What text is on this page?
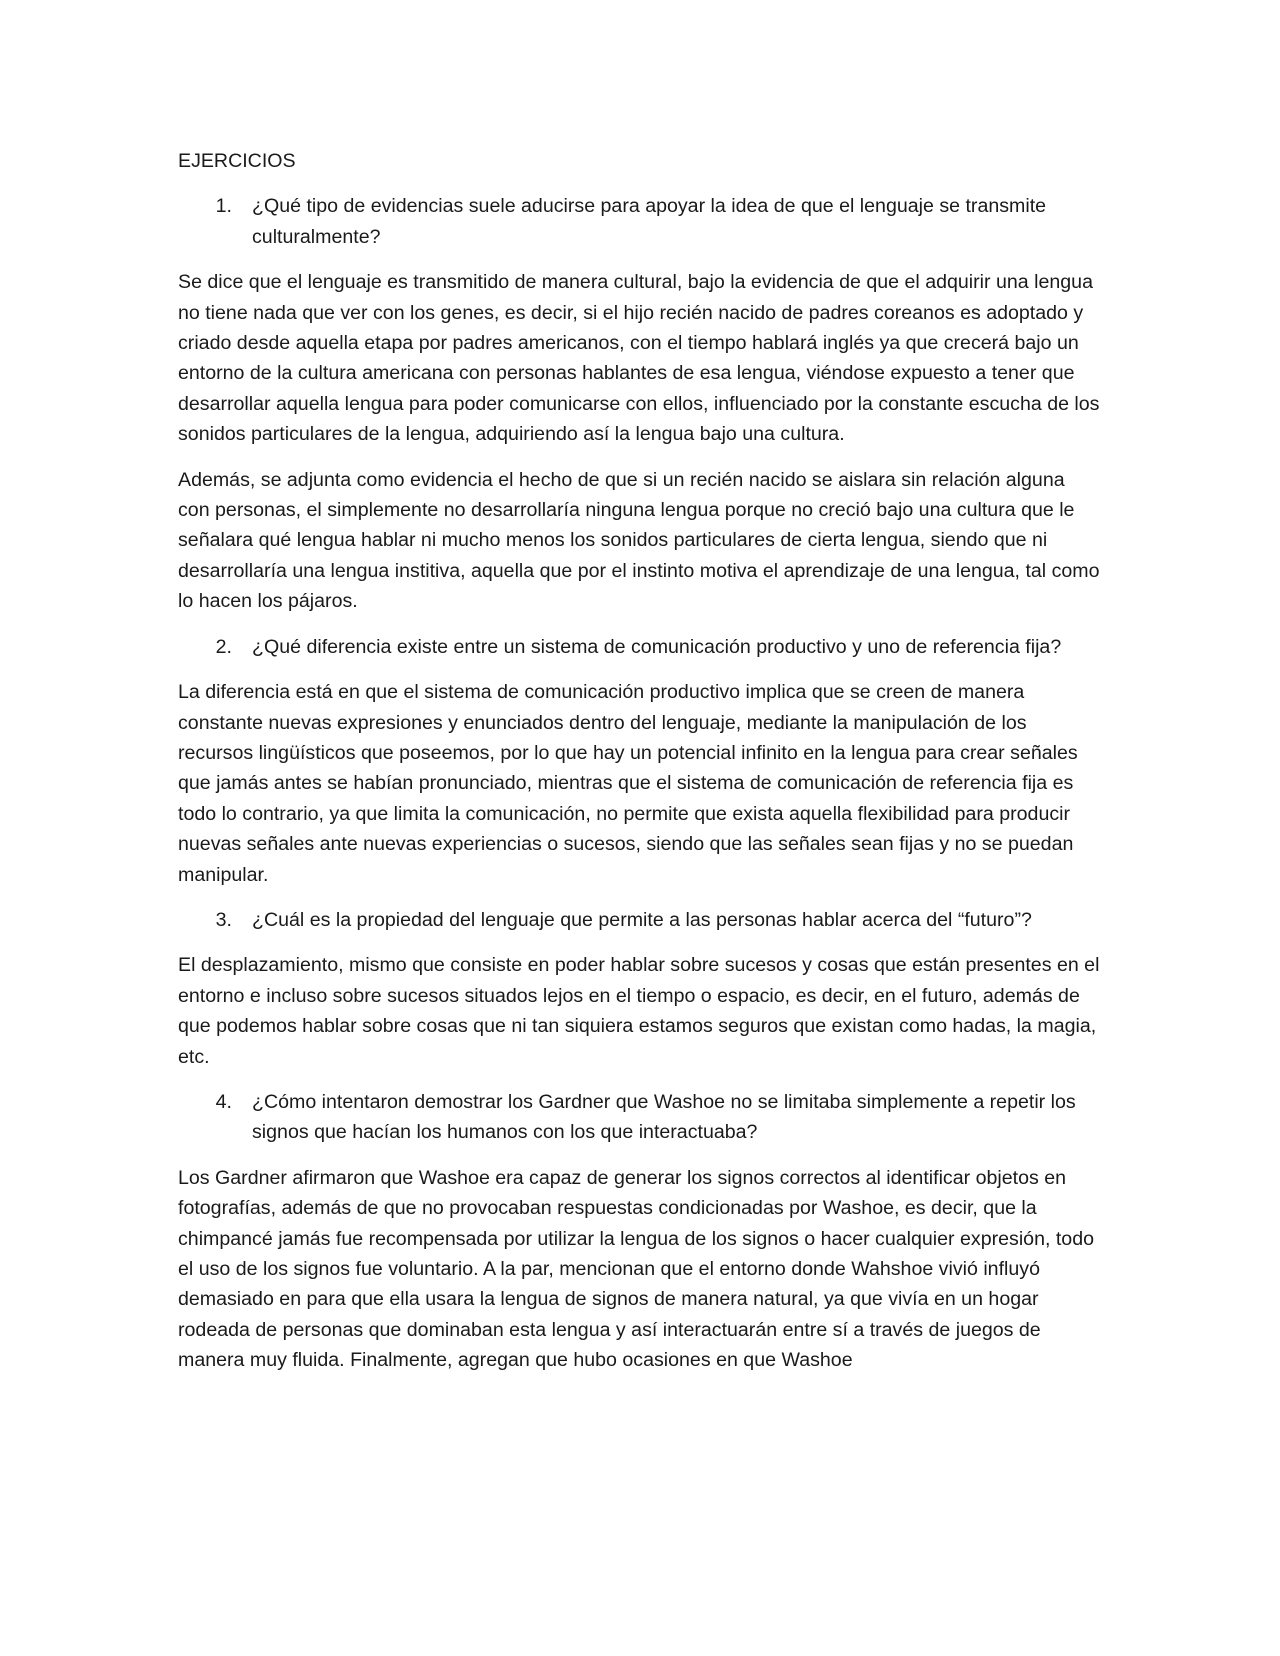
EJERCICIOS

1.	¿Qué tipo de evidencias suele aducirse para apoyar la idea de que el lenguaje se transmite culturalmente?

Se dice que el lenguaje es transmitido de manera cultural, bajo la evidencia de que el adquirir una lengua no tiene nada que ver con los genes, es decir, si el hijo recién nacido de padres coreanos es adoptado y criado desde aquella etapa por padres americanos, con el tiempo hablará inglés ya que crecerá bajo un entorno de la cultura americana con personas hablantes de esa lengua, viéndose expuesto a tener que desarrollar aquella lengua para poder comunicarse con ellos, influenciado por la constante escucha de los sonidos particulares de la lengua, adquiriendo así la lengua bajo una cultura.

Además, se adjunta como evidencia el hecho de que si un recién nacido se aislara sin relación alguna con personas, el simplemente no desarrollaría ninguna lengua porque no creció bajo una cultura que le señalara qué lengua hablar ni mucho menos los sonidos particulares de cierta lengua, siendo que ni desarrollaría una lengua institiva, aquella que por el instinto motiva el aprendizaje de una lengua, tal como lo hacen los pájaros.

2.	¿Qué diferencia existe entre un sistema de comunicación productivo y uno de referencia fija?

La diferencia está en que el sistema de comunicación productivo implica que se creen de manera constante nuevas expresiones y enunciados dentro del lenguaje, mediante la manipulación de los recursos lingüísticos que poseemos, por lo que hay un potencial infinito en la lengua para crear señales que jamás antes se habían pronunciado, mientras que el sistema de comunicación de referencia fija es todo lo contrario, ya que limita la comunicación, no permite que exista aquella flexibilidad para producir nuevas señales ante nuevas experiencias o sucesos, siendo que las señales sean fijas y no se puedan manipular.

3.	¿Cuál es la propiedad del lenguaje que permite a las personas hablar acerca del “futuro”?

El desplazamiento, mismo que consiste en poder hablar sobre sucesos y cosas que están presentes en el entorno e incluso sobre sucesos situados lejos en el tiempo o espacio, es decir, en el futuro, además de que podemos hablar sobre cosas que ni tan siquiera estamos seguros que existan como hadas, la magia, etc.

4.	¿Cómo intentaron demostrar los Gardner que Washoe no se limitaba simplemente a repetir los signos que hacían los humanos con los que interactuaba?

Los Gardner afirmaron que Washoe era capaz de generar los signos correctos al identificar objetos en fotografías, además de que no provocaban respuestas condicionadas por Washoe, es decir, que la chimpancé jamás fue recompensada por utilizar la lengua de los signos o hacer cualquier expresión, todo el uso de los signos fue voluntario. A la par, mencionan que el entorno donde Wahshoe vivió influyó demasiado en para que ella usara la lengua de signos de manera natural, ya que vivía en un hogar rodeada de personas que dominaban esta lengua y así interactuarán entre sí a través de juegos de manera muy fluida. Finalmente, agregan que hubo ocasiones en que Washoe
